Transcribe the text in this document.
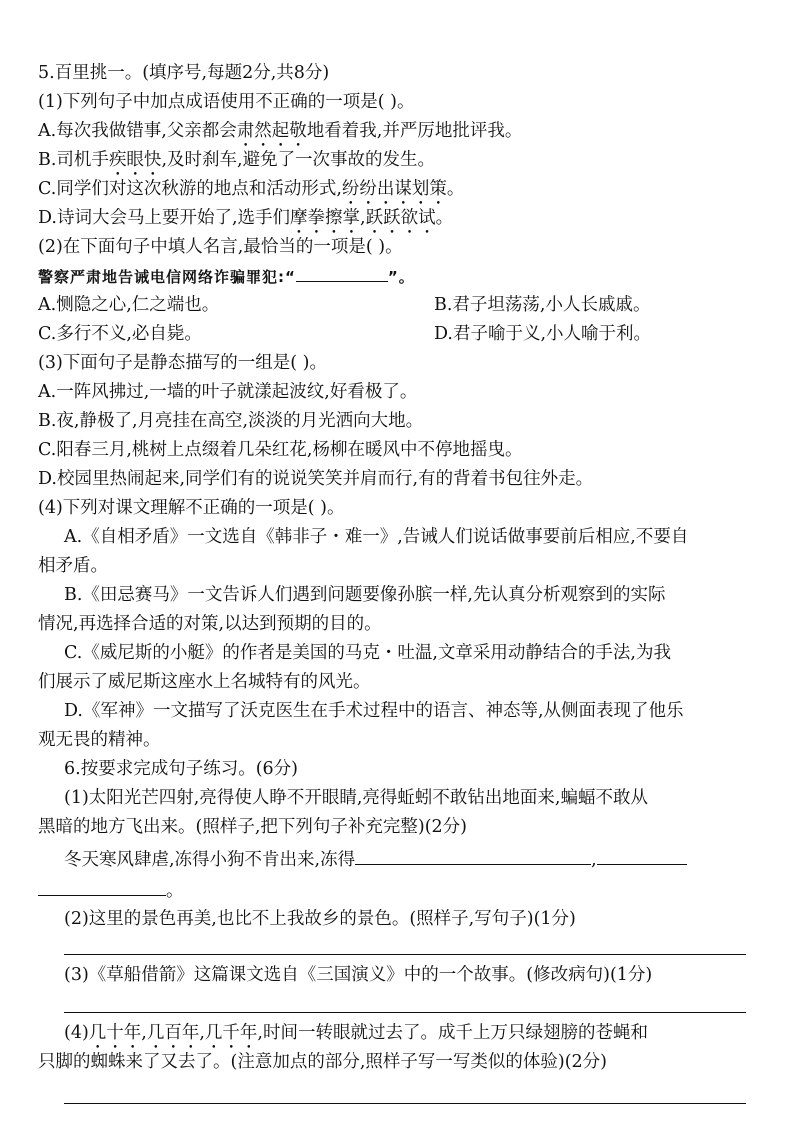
5.百里挑一。(填序号,每题2分,共8分)
(1)下列句子中加点成语使用不正确的一项是( )。
A.每次我做错事,父亲都会肃然起敬地看着我,并严厉地批评我。
B.司机手疾眼快,及时刹车,避免了一次事故的发生。
C.同学们对这次秋游的地点和活动形式,纷纷出谋划策。
D.诗词大会马上要开始了,选手们摩拳擦掌,跃跃欲试。
(2)在下面句子中填人名言,最恰当的一项是( )。
警察严肃地告诫电信网络诈骗罪犯:“	”。
A.恻隐之心,仁之端也。	B.君子坦荡荡,小人长戚戚。
C.多行不义,必自毙。	D.君子喻于义,小人喻于利。
(3)下面句子是静态描写的一组是( )。
A.一阵风拂过,一墙的叶子就漾起波纹,好看极了。
B.夜,静极了,月亮挂在高空,淡淡的月光洒向大地。
C.阳春三月,桃树上点缀着几朵红花,杨柳在暖风中不停地摇曳。
D.校园里热闹起来,同学们有的说说笑笑并肩而行,有的背着书包往外走。
(4)下列对课文理解不正确的一项是( )。
A.《自相矛盾》一文选自《韩非子・难一》,告诫人们说话做事要前后相应,不要自
相矛盾。
B.《田忌赛马》一文告诉人们遇到问题要像孙膑一样,先认真分析观察到的实际
情况,再选择合适的对策,以达到预期的目的。
C.《威尼斯的小艇》的作者是美国的马克・吐温,文章采用动静结合的手法,为我
们展示了威尼斯这座水上名城特有的风光。
D.《军神》一文描写了沃克医生在手术过程中的语言、神态等,从侧面表现了他乐
观无畏的精神。
6.按要求完成句子练习。(6分)
(1)太阳光芒四射,亮得使人睁不开眼睛,亮得蚯蚓不敢钻出地面来,蝙蝠不敢从
黑暗的地方飞出来。(照样子,把下列句子补充完整)(2分)
冬天寒风肆虐,冻得小狗不肯出来,冻得	,
。
(2)这里的景色再美,也比不上我故乡的景色。(照样子,写句子)(1分)
(3)《草船借箭》这篇课文选自《三国演义》中的一个故事。(修改病句)(1分)
(4)几十年,几百年,几千年,时间一转眼就过去了。成千上万只绿翅膀的苍蝇和
只脚的蜘蛛来了又去了。(注意加点的部分,照样子写一写类似的体验)(2分)
